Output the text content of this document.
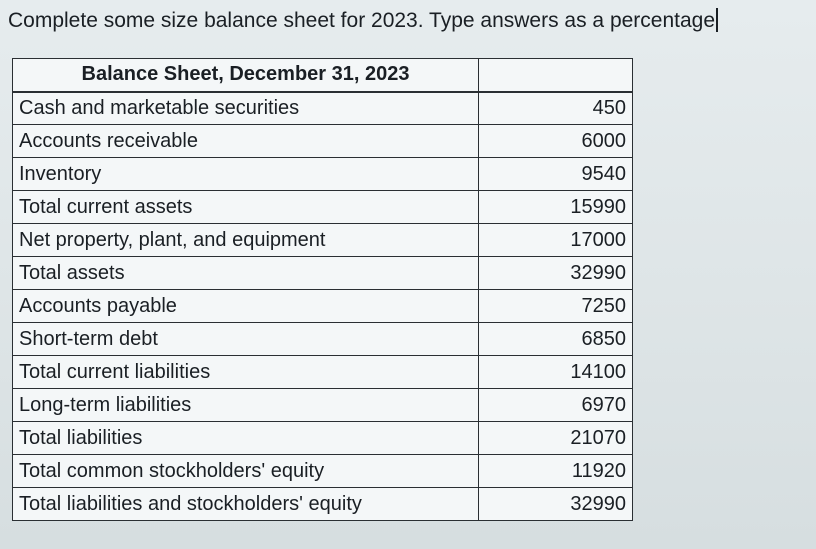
Complete some size balance sheet for 2023. Type answers as a percentage
Balance Sheet, December 31, 2023	
Cash and marketable securities	450
Accounts receivable	6000
Inventory	9540
Total current assets	15990
Net property, plant, and equipment	17000
Total assets	32990
Accounts payable	7250
Short-term debt	6850
Total current liabilities	14100
Long-term liabilities	6970
Total liabilities	21070
Total common stockholders' equity	11920
Total liabilities and stockholders' equity	32990
